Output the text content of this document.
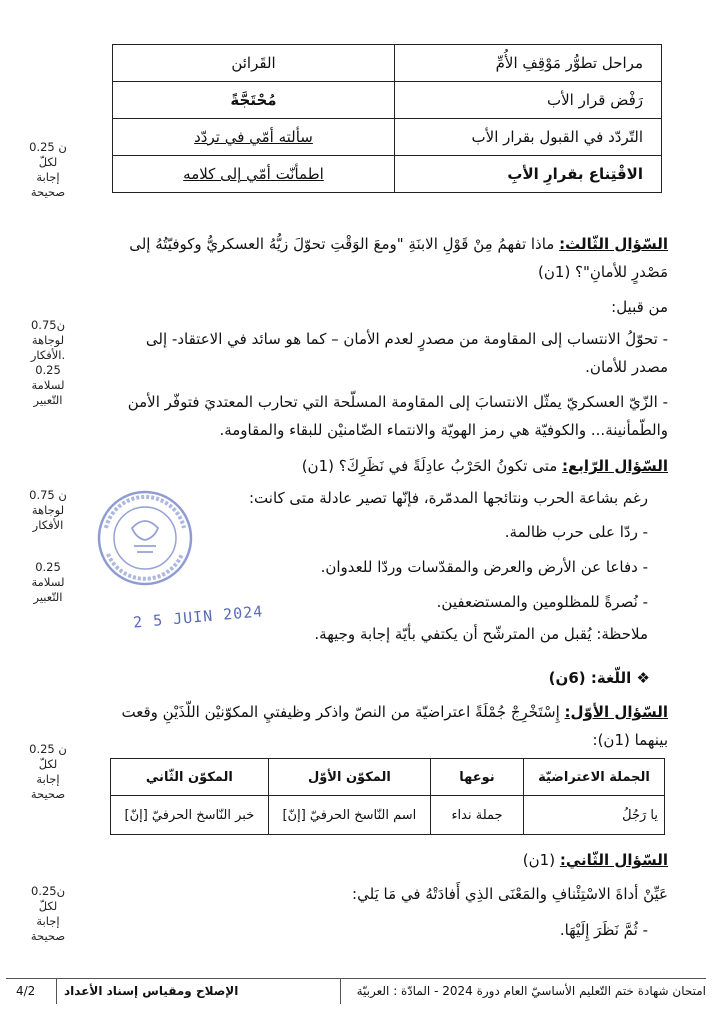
مراحل تطوُّر مَوْقِفِ الأُمِّ	القَرائن
رَفْض قرار الأب	مُحْتَجَّةً
التّردّد في القبول بقرار الأب	سألته أمّي في تردّد
الاقْتِناع بقرارِ الأبِ	اطمأنّت أمّي إلى كلامه
السّؤال الثّالث: ماذا تفهمُ مِنْ قَوْلِ الابنَةِ "ومعَ الوَقْتِ تحوّلَ زيُّهُ العسكريُّ وكوفيّتُهُ إلى
مَصْدرٍ للأمانِ"؟ (1ن)
من قبيل:
- تحوّلُ الانتساب إلى المقاومة من مصدرٍ لعدم الأمان – كما هو سائد في الاعتقاد- إلى
مصدر للأمان.
- الزّيّ العسكريّ يمثّل الانتسابَ إلى المقاومة المسلّحة التي تحارب المعتديَ فتوفّر الأمن
والطّمأنينة... والكوفيّة هي رمز الهويّة والانتماء الضّامنيْن للبقاء والمقاومة.
السّؤال الرّابع: متى تكونُ الحَرْبُ عادِلَةً في نَظَرِكَ؟ (1ن)
رغم بشاعة الحرب ونتائجها المدمّرة، فإنّها تصير عادلة متى كانت:
- ردّا على حرب ظالمة.
- دفاعا عن الأرض والعرض والمقدّسات وردّا للعدوان.
- نُصرةً للمظلومين والمستضعفين.
ملاحظة: يُقبل من المترشّح أن يكتفي بأيّة إجابة وجيهة.
❖ اللّغة: (6ن)
السّؤال الأوّل: إِسْتَخْرِجْ جُمْلَةً اعتراضيّة من النصّ واذكر وظيفتيِ المكوّنيْن اللّذَيْنِ وقعت
بينهما (1ن):
الجملة الاعتراضيّة	نوعها	المكوّن الأوّل	المكوّن الثّاني
يا رَجُلُ	جملة نداء	اسم النّاسخ الحرفيّ [إنّ]	خبر النّاسخ الحرفيّ [إنّ]
السّؤال الثّاني: (1ن)
عَيِّنْ أداةَ الاسْتِئْنافِ والمَعْنَى الذِي أَفادَتْهُ في مَا يَلي:
- ثُمَّ نَظَرَ إِلَيْهَا.
0.25 ن
لكلّ
إجابة
صحيحة
0.75ن
لوجاهة
الأفكار.
0.25
لسلامة
التّعبير
0.75 ن
لوجاهة
الأفكار
0.25
لسلامة
التّعبير
0.25 ن
لكلّ
إجابة
صحيحة
0.25ن
لكلّ
إجابة
صحيحة
2 5 JUIN 2024
امتحان شهادة ختم التّعليم الأساسيّ العام دورة 2024 - المادّة : العربيّة
الإصلاح ومقياس إسناد الأعداد
4/2
